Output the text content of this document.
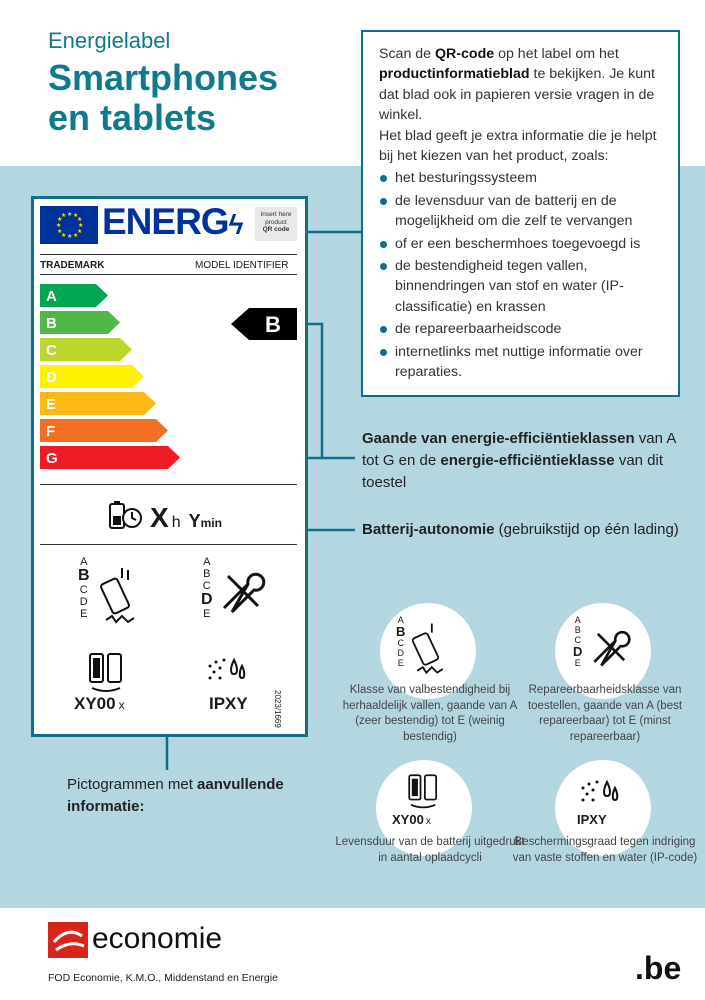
Energielabel
Smartphones
en tablets
Scan de QR-code op het label om het productinformatieblad te bekijken. Je kunt dat blad ook in papieren versie vragen in de winkel.
Het blad geeft je extra informatie die je helpt bij het kiezen van het product, zoals:
het besturingssysteem
de levensduur van de batterij en de mogelijkheid om die zelf te vervangen
of er een beschermhoes toegevoegd is
de bestendigheid tegen vallen, binnendringen van stof en water (IP-classificatie) en krassen
de repareerbaarheidscode
internetlinks met nuttige informatie over reparaties.
★ ★
★
★
★
★
★
★
★
★
★
★ ENERGϟ	Insert here
product
QR code
TRADEMARK	MODEL IDENTIFIER
A
B
C
D
E
F
G
B
Xh Ymin
A
B
C
D
E
A
B
C
D
E
XY00 x	IPXY	2023/1669
Gaande van energie-efficiëntieklassen van A tot G en de energie-efficiëntieklasse van dit toestel
Batterij-autonomie (gebruikstijd op één lading)
Pictogrammen met aanvullende informatie:
A
B
C
D
E
Klasse van valbestendigheid bij herhaaldelijk vallen, gaande van A (zeer bestendig) tot E (weinig bestendig)
A
B
C
D
E
Repareerbaarheidsklasse van toestellen, gaande van A (best repareerbaar) tot E (minst repareerbaar)
XY00 x
Levensduur van de batterij uitgedrukt in aantal oplaadcycli
IPXY
Beschermingsgraad tegen indriging van vaste stoffen en water (IP-code)
economie
FOD Economie, K.M.O., Middenstand en Energie	.be
